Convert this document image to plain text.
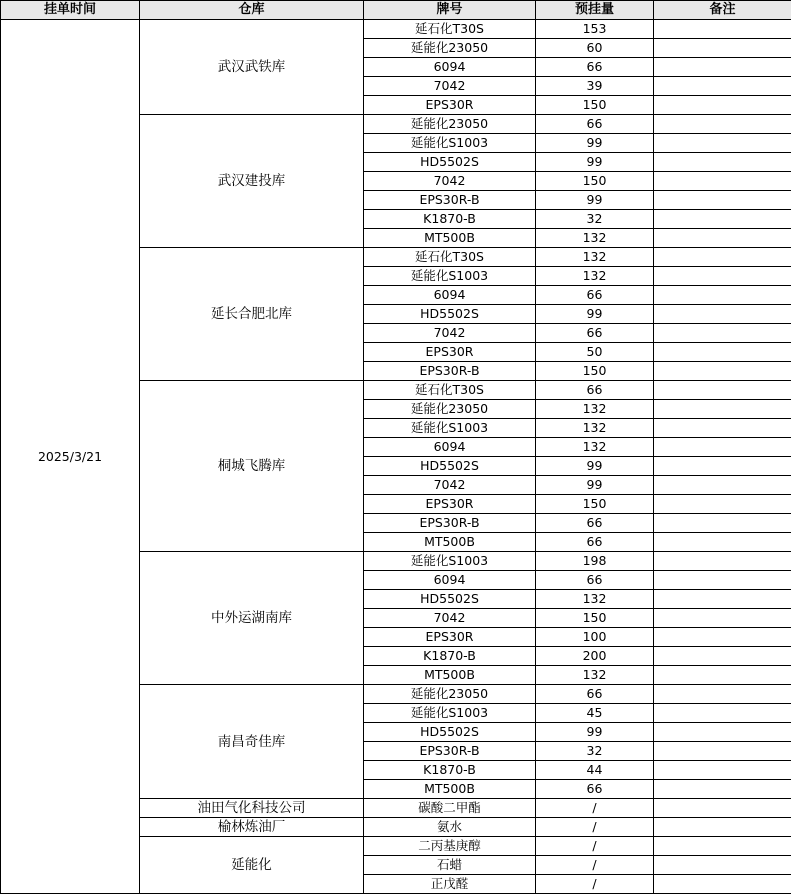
挂单时间	仓库	牌号	预挂量	备注
2025/3/21	武汉武铁库	延石化T30S	153	
		延能化23050	60	
		6094	66	
		7042	39	
		EPS30R	150	
	武汉建投库	延能化23050	66	
		延能化S1003	99	
		HD5502S	99	
		7042	150	
		EPS30R-B	99	
		K1870-B	32	
		MT500B	132	
	延长合肥北库	延石化T30S	132	
		延能化S1003	132	
		6094	66	
		HD5502S	99	
		7042	66	
		EPS30R	50	
		EPS30R-B	150	
	桐城飞腾库	延石化T30S	66	
		延能化23050	132	
		延能化S1003	132	
		6094	132	
		HD5502S	99	
		7042	99	
		EPS30R	150	
		EPS30R-B	66	
		MT500B	66	
	中外运湖南库	延能化S1003	198	
		6094	66	
		HD5502S	132	
		7042	150	
		EPS30R	100	
		K1870-B	200	
		MT500B	132	
	南昌奇佳库	延能化23050	66	
		延能化S1003	45	
		HD5502S	99	
		EPS30R-B	32	
		K1870-B	44	
		MT500B	66	
	油田气化科技公司	碳酸二甲酯	/	
	榆林炼油厂	氨水	/	
	延能化	二丙基庚醇	/	
		石蜡	/	
		正戊醛	/	
